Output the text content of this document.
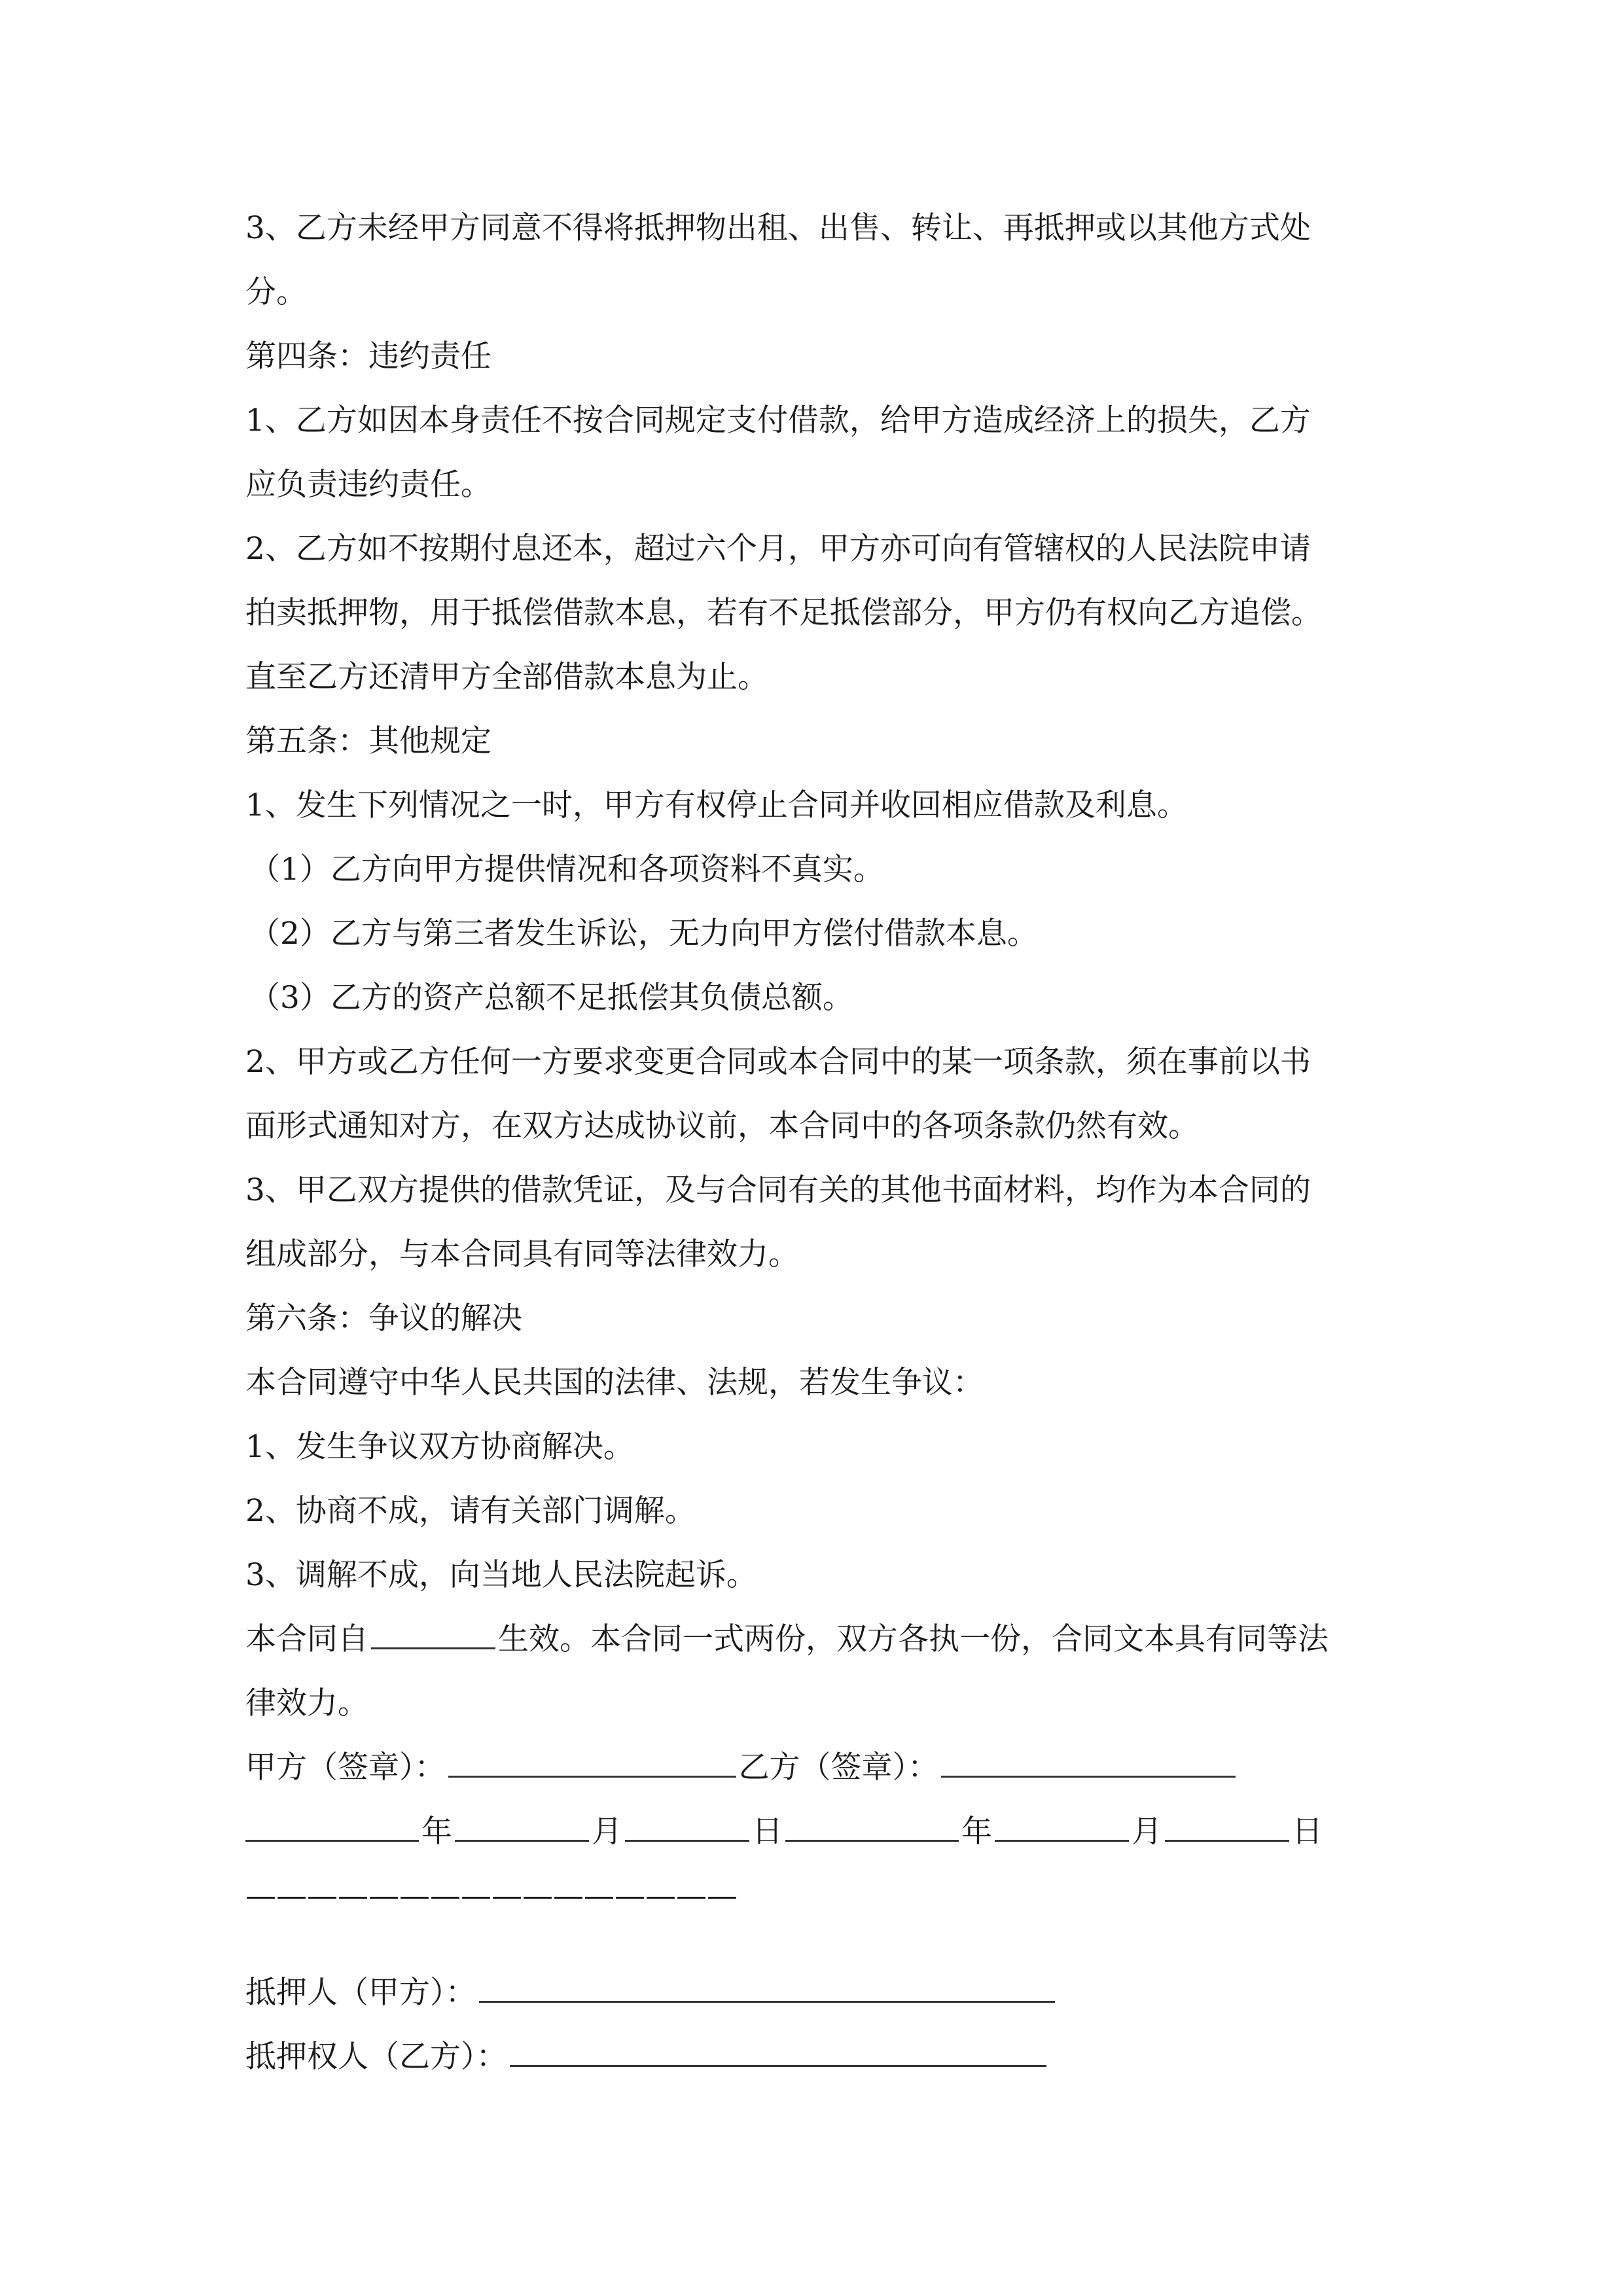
3、乙方未经甲方同意不得将抵押物出租、出售、转让、再抵押或以其他方式处

分。

第四条：违约责任

1、乙方如因本身责任不按合同规定支付借款，给甲方造成经济上的损失，乙方

应负责违约责任。

2、乙方如不按期付息还本，超过六个月，甲方亦可向有管辖权的人民法院申请

拍卖抵押物，用于抵偿借款本息，若有不足抵偿部分，甲方仍有权向乙方追偿。

直至乙方还清甲方全部借款本息为止。

第五条：其他规定

1、发生下列情况之一时，甲方有权停止合同并收回相应借款及利息。

（1）乙方向甲方提供情况和各项资料不真实。

（2）乙方与第三者发生诉讼，无力向甲方偿付借款本息。

（3）乙方的资产总额不足抵偿其负债总额。

2、甲方或乙方任何一方要求变更合同或本合同中的某一项条款，须在事前以书

面形式通知对方，在双方达成协议前，本合同中的各项条款仍然有效。

3、甲乙双方提供的借款凭证，及与合同有关的其他书面材料，均作为本合同的

组成部分，与本合同具有同等法律效力。

第六条：争议的解决

本合同遵守中华人民共国的法律、法规，若发生争议：

1、发生争议双方协商解决。

2、协商不成，请有关部门调解。

3、调解不成，向当地人民法院起诉。

本合同自	生效。本合同一式两份，双方各执一份，合同文本具有同等法

律效力。

甲方（签章）：	乙方（签章）：

年	月	日	年	月	日

————————————————

抵押人（甲方）：

抵押权人（乙方）：
